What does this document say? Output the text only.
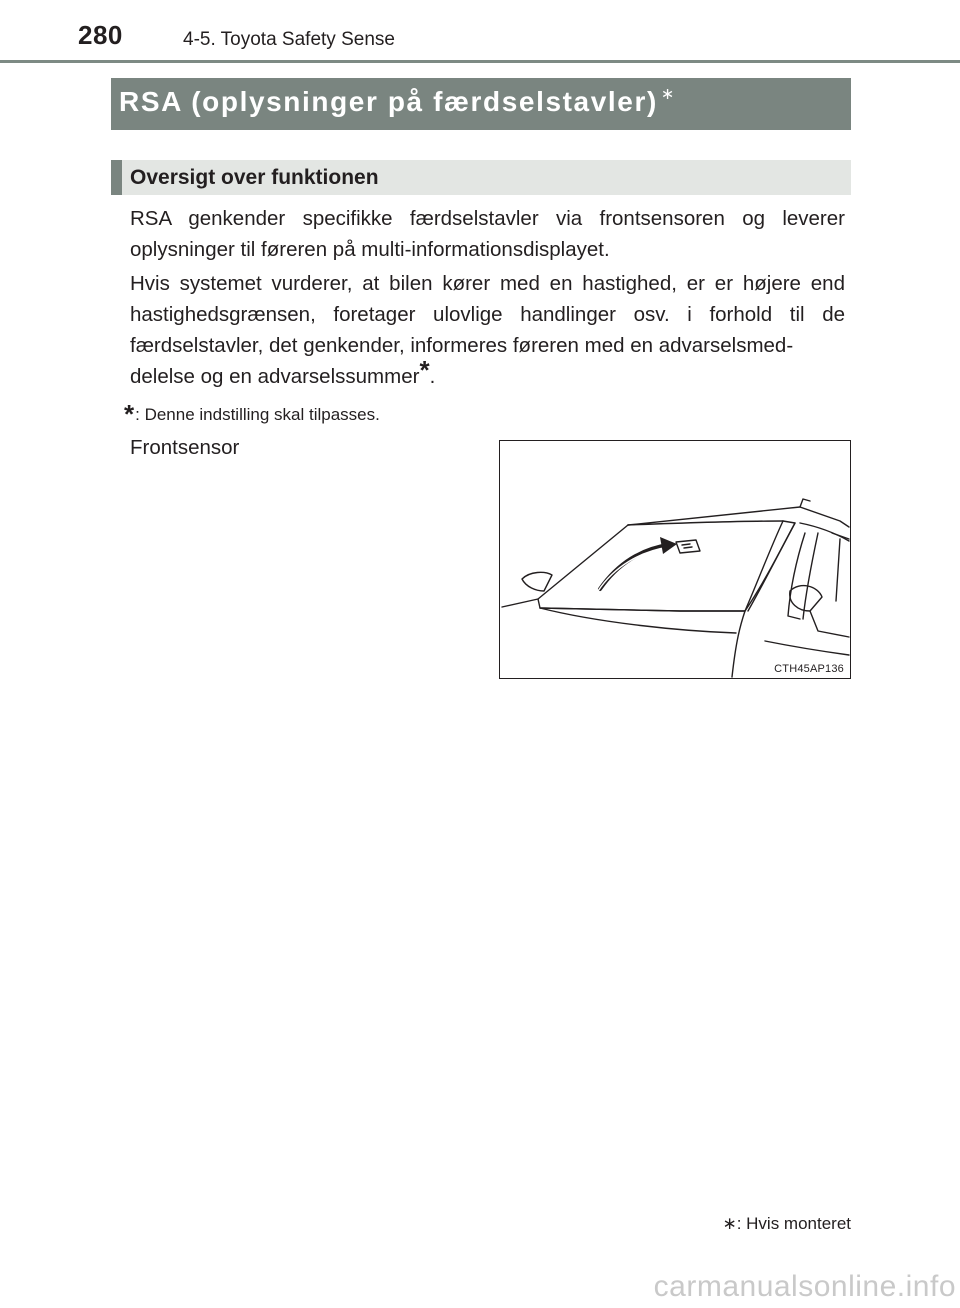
280	4-5. Toyota Safety Sense
RSA (oplysninger på færdselstavler) ∗
Oversigt over funktionen

RSA genkender specifikke færdselstavler via frontsensoren og leverer oplysninger til føreren på multi-informationsdisplayet.

Hvis systemet vurderer, at bilen kører med en hastighed, er er højere end hastighedsgrænsen, foretager ulovlige handlinger osv. i forhold til de færdselstavler, det genkender, informeres føreren med en advarselsmed-
delelse og en advarselssummer*.
*: Denne indstilling skal tilpasses.
Frontsensor
CTH45AP136
∗: Hvis monteret
carmanualsonline.info
